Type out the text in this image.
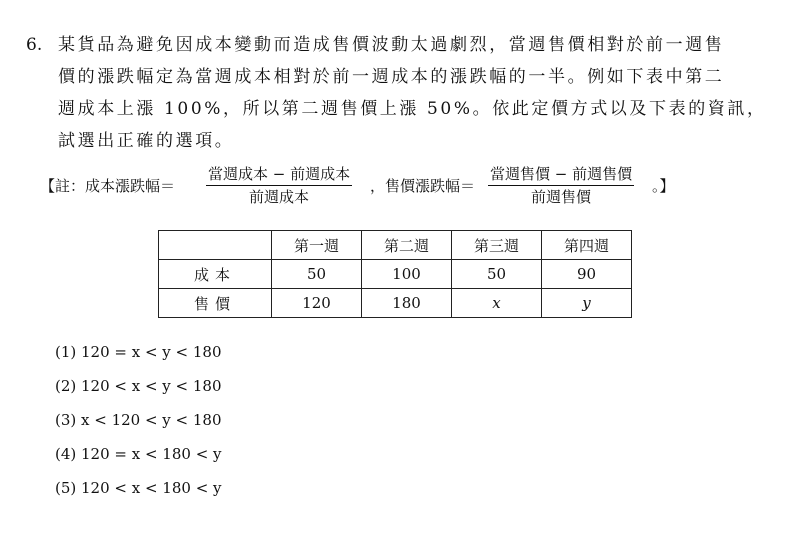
6. 某貨品為避免因成本變動而造成售價波動太過劇烈，當週售價相對於前一週售
價的漲跌幅定為當週成本相對於前一週成本的漲跌幅的一半。例如下表中第二
週成本上漲 100%，所以第二週售價上漲 50%。依此定價方式以及下表的資訊，
試選出正確的選項。
【註：成本漲跌幅＝
當週成本 − 前週成本
前週成本
，售價漲跌幅＝
當週售價 − 前週售價
前週售價
。】
	第一週	第二週	第三週	第四週
成本	50	100	50	90
售價	120	180	x	y
(1) 120 = x < y < 180
(2) 120 < x < y < 180
(3) x < 120 < y < 180
(4) 120 = x < 180 < y
(5) 120 < x < 180 < y
